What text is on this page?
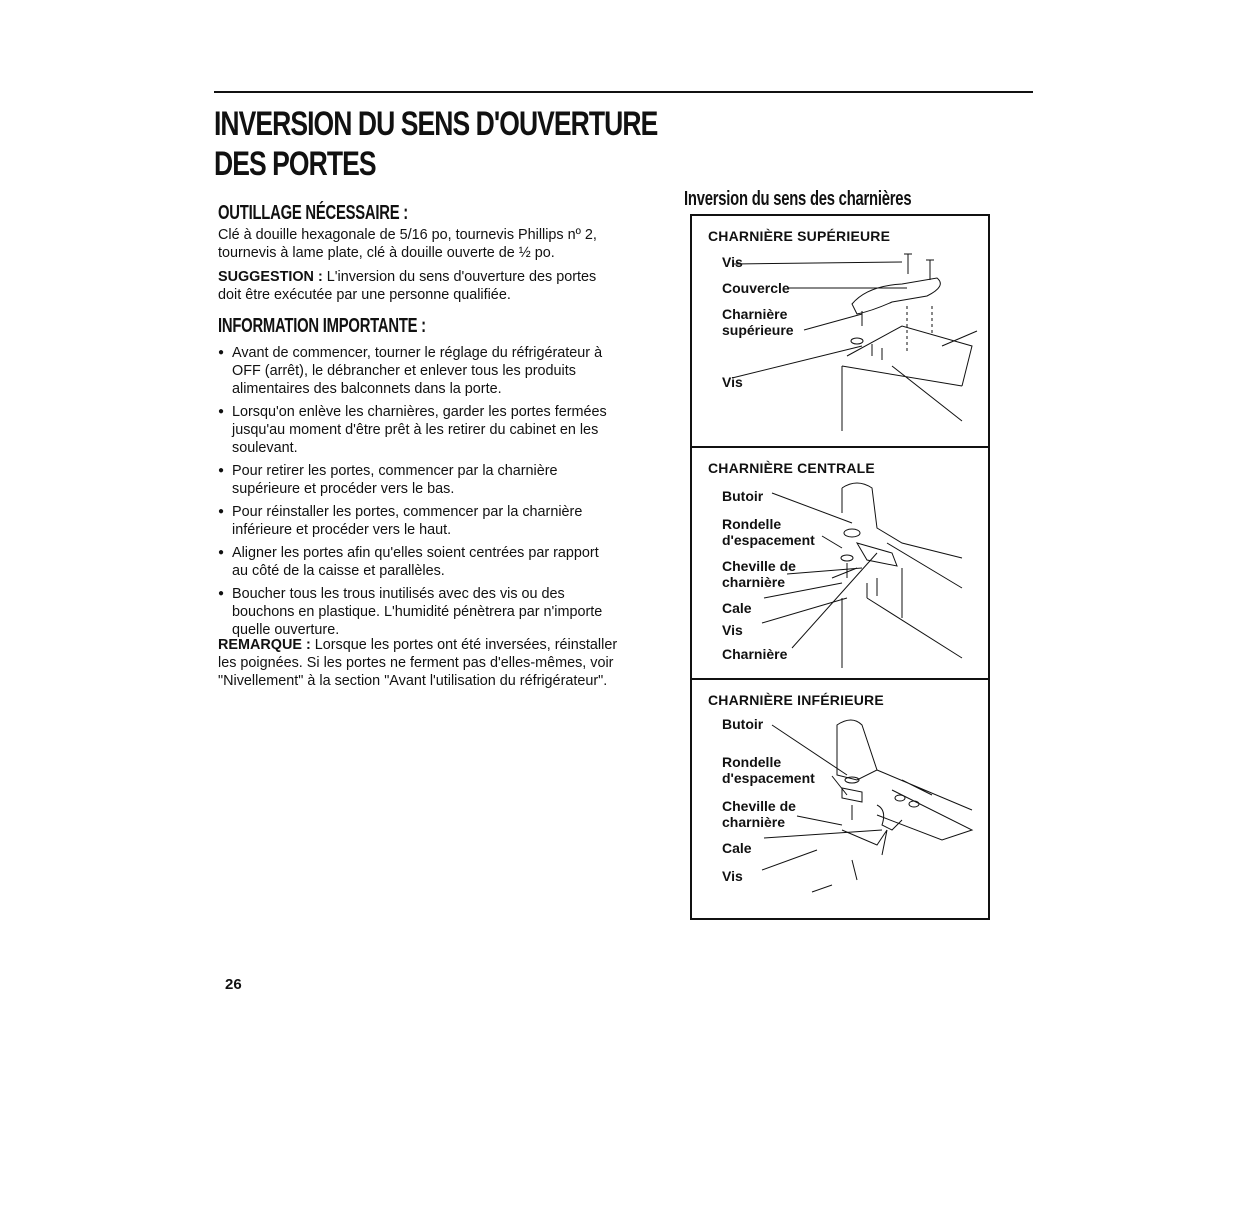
INVERSION DU SENS D'OUVERTURE
DES PORTES
OUTILLAGE NÉCESSAIRE :

Clé à douille hexagonale de 5/16 po, tournevis Phillips nº 2, tournevis à lame plate, clé à douille ouverte de ½ po.

SUGGESTION : L'inversion du sens d'ouverture des portes doit être exécutée par une personne qualifiée.

INFORMATION IMPORTANTE :
● Avant de commencer, tourner le réglage du réfrigérateur à OFF (arrêt), le débrancher et enlever tous les produits alimentaires des balconnets dans la porte.
● Lorsqu'on enlève les charnières, garder les portes fermées jusqu'au moment d'être prêt à les retirer du cabinet en les soulevant.
● Pour retirer les portes, commencer par la charnière supérieure et procéder vers le bas.
● Pour réinstaller les portes, commencer par la charnière inférieure et procéder vers le haut.
● Aligner les portes afin qu'elles soient centrées par rapport au côté de la caisse et parallèles.
● Boucher tous les trous inutilisés avec des vis ou des bouchons en plastique. L'humidité pénètrera par n'importe quelle ouverture.

REMARQUE : Lorsque les portes ont été inversées, réinstaller les poignées. Si les portes ne ferment pas d'elles-mêmes, voir "Nivellement" à la section "Avant l'utilisation du réfrigérateur".

Inversion du sens des charnières
CHARNIÈRE SUPÉRIEURE
Vis
Couvercle
Charnière
supérieure
Vis
CHARNIÈRE CENTRALE
Butoir
Rondelle
d'espacement
Cheville de
charnière
Cale
Vis
Charnière
CHARNIÈRE INFÉRIEURE
Butoir
Rondelle
d'espacement
Cheville de
charnière
Cale
Vis
26
